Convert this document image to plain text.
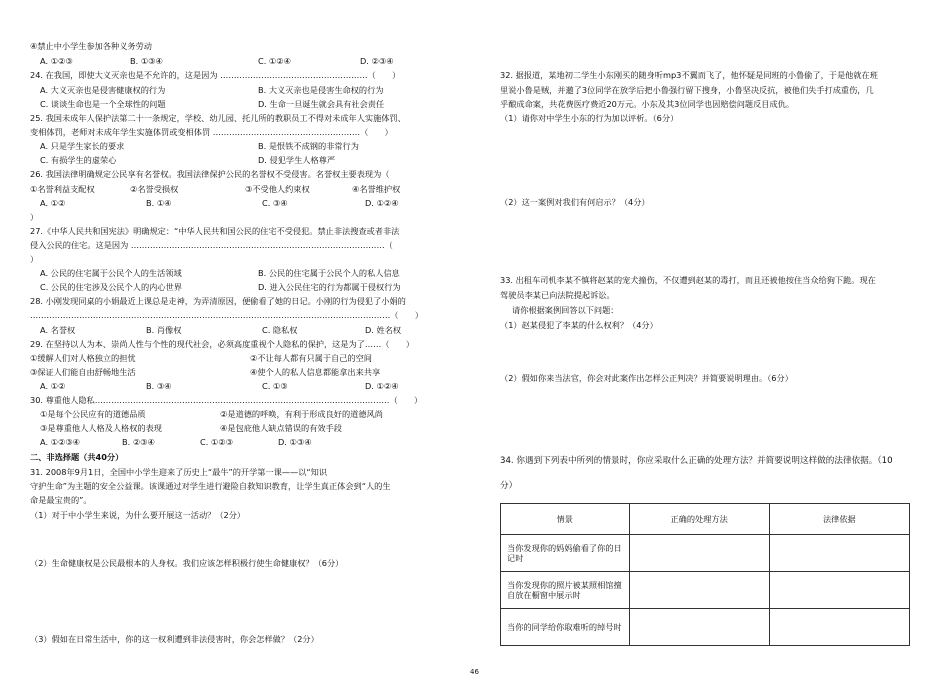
④禁止中小学生参加各种义务劳动
A. ①②③	B. ①③④	C. ①②④	D. ②③④
24. 在我国，即使大义灭亲也是不允许的，这是因为 ………………………………………………（　　）
A. 大义灭亲也是侵害健康权的行为	B. 大义灭亲也是侵害生命权的行为
C. 谈谈生命也是一个全球性的问题	D. 生命一旦诞生就会具有社会责任
25. 我国未成年人保护法第二十一条规定，学校、幼儿园、托儿所的教职员工不得对未成年人实施体罚、
变相体罚，老师对未成年学生实施体罚或变相体罚 ………………………………………………（　　）
A. 只是学生家长的要求	B. 是恨铁不成钢的非常行为
C. 有损学生的虚荣心	D. 侵犯学生人格尊严
26. 我国法律明确规定公民享有名誉权。我国法律保护公民的名誉权不受侵害。名誉权主要表现为（
①名誉利益支配权	②名誉受损权	③不受他人约束权	④名誉维护权
A. ①②	B. ①④	C. ③④	D. ①②④
）
27.《中华人民共和国宪法》明确规定：“中华人民共和国公民的住宅不受侵犯。禁止非法搜查或者非法
侵入公民的住宅。这是因为 …………………………………………………………………………………（
）
A. 公民的住宅属于公民个人的生活领域	B. 公民的住宅属于公民个人的私人信息
C. 公民的住宅涉及公民个人的内心世界	D. 进入公民住宅的行为都属于侵权行为
28. 小刚发现同桌的小娟最近上课总是走神，为弄清原因，便偷看了她的日记。小刚的行为侵犯了小娟的
……………………………………………………………………………………………………………………（　　）
A. 名誉权	B. 肖像权	C. 隐私权	D. 姓名权
29. 在坚持以人为本、崇尚人性与个性的现代社会，必须高度重视个人隐私的保护，这是为了……（　　）
①缓解人们对人格独立的担忧	②不让每人都有只属于自己的空间
③保证人们能自由舒畅地生活	④使个人的私人信息都能拿出来共享
A. ①②	B. ③④	C. ①③	D. ①②④
30. 尊重他人隐私………………………………………………………………………………………………（　　）
①是每个公民应有的道德品质	②是道德的呼唤，有利于形成良好的道德风尚
③是尊重他人人格及人格权的表现	④是包庇他人缺点错误的有效手段
A. ①②③④	B. ②③④	C. ①②③	D. ①③④
二、非选择题（共40分）
31. 2008年9月1日，全国中小学生迎来了历史上“最牛”的开学第一课——以“知识
守护生命”为主题的安全公益课。该课通过对学生进行避险自救知识教育，让学生真正体会到“人的生
命是最宝贵的”。
（1）对于中小学生来说，为什么要开展这一活动？（2分）
（2）生命健康权是公民最根本的人身权。我们应该怎样积极行使生命健康权？（6分）
（3）假如在日常生活中，你的这一权利遭到非法侵害时，你会怎样做？（2分）
32. 据报道，某地初二学生小东刚买的随身听mp3不翼而飞了，他怀疑是同班的小鲁偷了，于是他就在班
里说小鲁是贼，并邀了3位同学在放学后把小鲁强行留下搜身，小鲁坚决反抗，被他们失手打成重伤，几
乎酿成命案，共花费医疗费近20万元。小东及其3位同学也因赔偿问题反目成仇。
（1）请你对中学生小东的行为加以评析。（6分）
（2）这一案例对我们有何启示？（4分）
33. 出租车司机李某不慎将赵某的宠犬撞伤，不仅遭到赵某的毒打，而且还被他按住当众给狗下跪。现在
驾驶员李某已向法院提起诉讼。
请你根据案例回答以下问题：
（1）赵某侵犯了李某的什么权利？（4分）
（2）假如你来当法官，你会对此案作出怎样公正判决？并简要说明理由。（6分）
34. 你遇到下列表中所列的情景时，你应采取什么正确的处理方法？并简要说明这样做的法律依据。（10
分）
情景	正确的处理方法	法律依据
当你发现你的妈妈偷看了你的日记时		
当你发现你的照片被某照相馆擅自放在橱窗中展示时		
当你的同学给你取难听的绰号时		
46
